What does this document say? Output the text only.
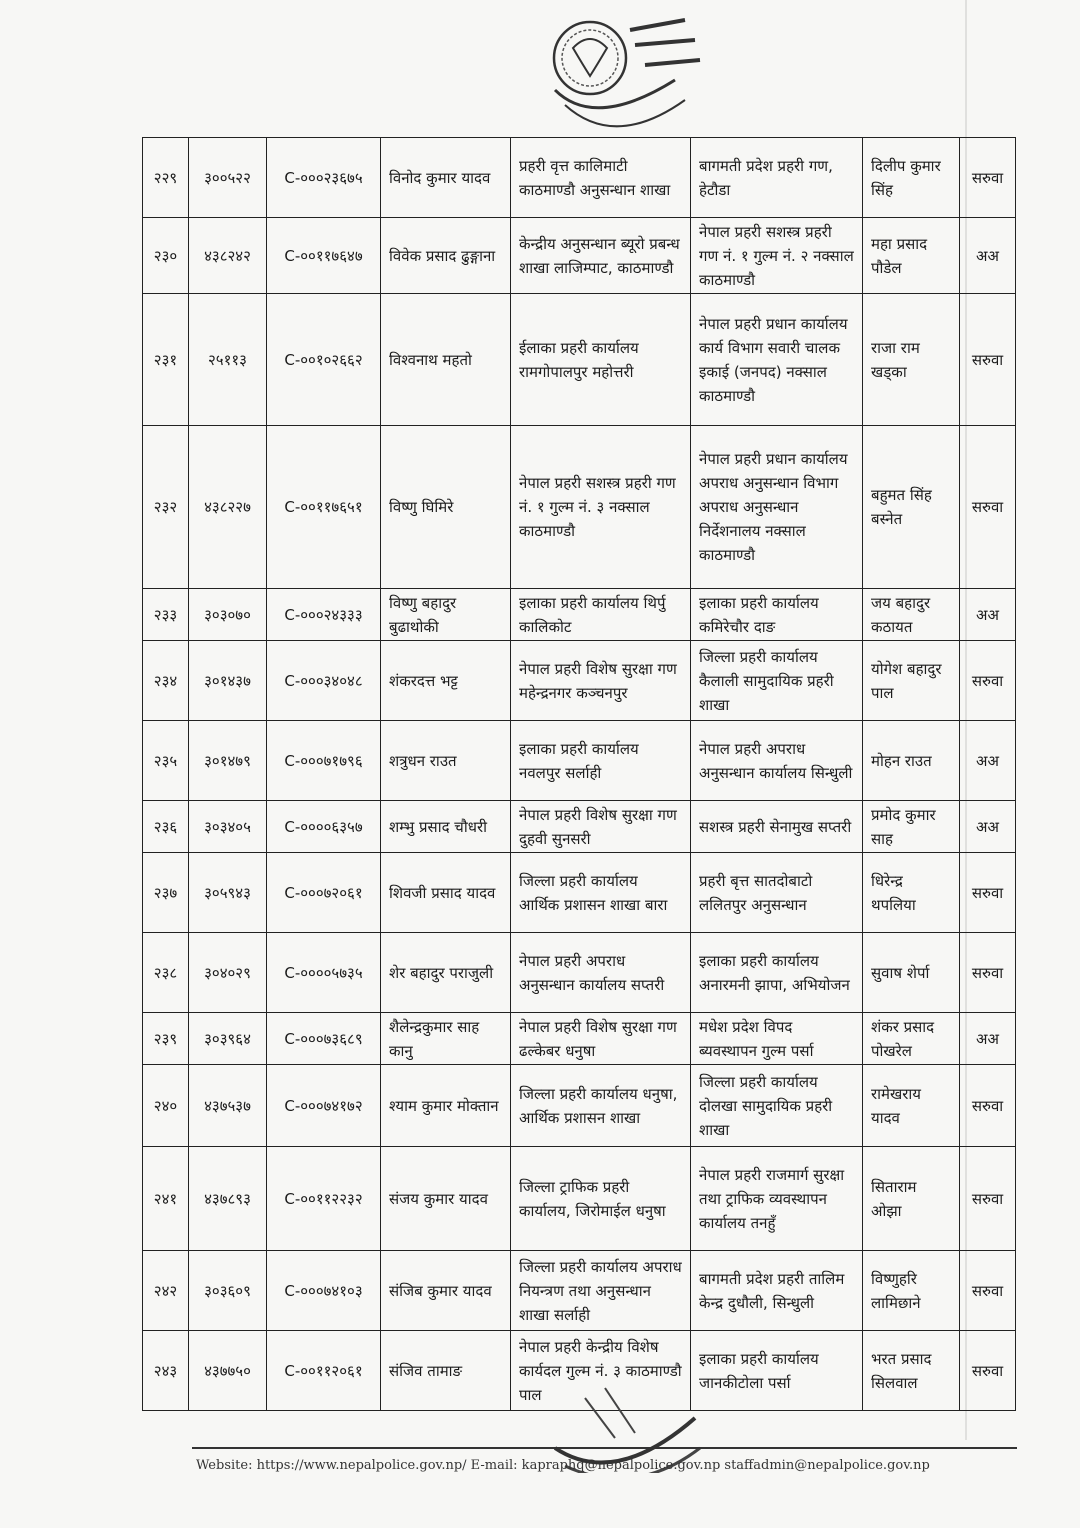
२२९	३००५२२	C-०००२३६७५	विनोद कुमार यादव	प्रहरी वृत्त कालिमाटी काठमाण्डौ अनुसन्धान शाखा	बागमती प्रदेश प्रहरी गण, हेटौडा	दिलीप कुमार सिंह	सरुवा
२३०	४३८२४२	C-००११७६४७	विवेक प्रसाद ढुङ्गाना	केन्द्रीय अनुसन्धान ब्यूरो प्रबन्ध शाखा लाजिम्पाट, काठमाण्डौ	नेपाल प्रहरी सशस्त्र प्रहरी गण नं. १ गुल्म नं. २ नक्साल काठमाण्डौ	महा प्रसाद पौडेल	अअ
२३१	२५११३	C-००१०२६६२	विश्वनाथ महतो	ईलाका प्रहरी कार्यालय रामगोपालपुर महोत्तरी	नेपाल प्रहरी प्रधान कार्यालय कार्य विभाग सवारी चालक इकाई (जनपद) नक्साल काठमाण्डौ	राजा राम खड्का	सरुवा
२३२	४३८२२७	C-००११७६५१	विष्णु घिमिरे	नेपाल प्रहरी सशस्त्र प्रहरी गण नं. १ गुल्म नं. ३ नक्साल काठमाण्डौ	नेपाल प्रहरी प्रधान कार्यालय अपराध अनुसन्धान विभाग अपराध अनुसन्धान निर्देशनालय नक्साल काठमाण्डौ	बहुमत सिंह बस्नेत	सरुवा
२३३	३०३०७०	C-०००२४३३३	विष्णु बहादुर बुढाथोकी	इलाका प्रहरी कार्यालय थिर्पु कालिकोट	इलाका प्रहरी कार्यालय कमिरेचौर दाङ	जय बहादुर कठायत	अअ
२३४	३०१४३७	C-०००३४०४८	शंकरदत्त भट्ट	नेपाल प्रहरी विशेष सुरक्षा गण महेन्द्रनगर कञ्चनपुर	जिल्ला प्रहरी कार्यालय कैलाली सामुदायिक प्रहरी शाखा	योगेश बहादुर पाल	सरुवा
२३५	३०१४७९	C-०००७१७९६	शत्रुधन राउत	इलाका प्रहरी कार्यालय नवलपुर सर्लाही	नेपाल प्रहरी अपराध अनुसन्धान कार्यालय सिन्धुली	मोहन राउत	अअ
२३६	३०३४०५	C-००००६३५७	शम्भु प्रसाद चौधरी	नेपाल प्रहरी विशेष सुरक्षा गण दुहवी सुनसरी	सशस्त्र प्रहरी सेनामुख सप्तरी	प्रमोद कुमार साह	अअ
२३७	३०५९४३	C-०००७२०६१	शिवजी प्रसाद यादव	जिल्ला प्रहरी कार्यालय आर्थिक प्रशासन शाखा बारा	प्रहरी बृत्त सातदोबाटो ललितपुर अनुसन्धान	धिरेन्द्र थपलिया	सरुवा
२३८	३०४०२९	C-००००५७३५	शेर बहादुर पराजुली	नेपाल प्रहरी अपराध अनुसन्धान कार्यालय सप्तरी	इलाका प्रहरी कार्यालय अनारमनी झापा, अभियोजन	सुवाष शेर्पा	सरुवा
२३९	३०३९६४	C-०००७३६८९	शैलेन्द्रकुमार साह कानु	नेपाल प्रहरी विशेष सुरक्षा गण ढल्केबर धनुषा	मधेश प्रदेश विपद ब्यवस्थापन गुल्म पर्सा	शंकर प्रसाद पोखरेल	अअ
२४०	४३७५३७	C-०००७४१७२	श्याम कुमार मोक्तान	जिल्ला प्रहरी कार्यालय धनुषा, आर्थिक प्रशासन शाखा	जिल्ला प्रहरी कार्यालय दोलखा सामुदायिक प्रहरी शाखा	रामेखराय यादव	सरुवा
२४१	४३७८९३	C-००११२२३२	संजय कुमार यादव	जिल्ला ट्राफिक प्रहरी कार्यालय, जिरोमाईल धनुषा	नेपाल प्रहरी राजमार्ग सुरक्षा तथा ट्राफिक व्यवस्थापन कार्यालय तनहुँ	सिताराम ओझा	सरुवा
२४२	३०३६०९	C-०००७४१०३	संजिब कुमार यादव	जिल्ला प्रहरी कार्यालय अपराध नियन्त्रण तथा अनुसन्धान शाखा सर्लाही	बागमती प्रदेश प्रहरी तालिम केन्द्र दुधौली, सिन्धुली	विष्णुहरि लामिछाने	सरुवा
२४३	४३७७५०	C-००११२०६१	संजिव तामाङ	नेपाल प्रहरी केन्द्रीय विशेष कार्यदल गुल्म नं. ३ काठमाण्डौ पाल	इलाका प्रहरी कार्यालय जानकीटोला पर्सा	भरत प्रसाद सिलवाल	सरुवा
Website: https://www.nepalpolice.gov.np/ E-mail: kapraphq@nepalpolice.gov.np staffadmin@nepalpolice.gov.np
